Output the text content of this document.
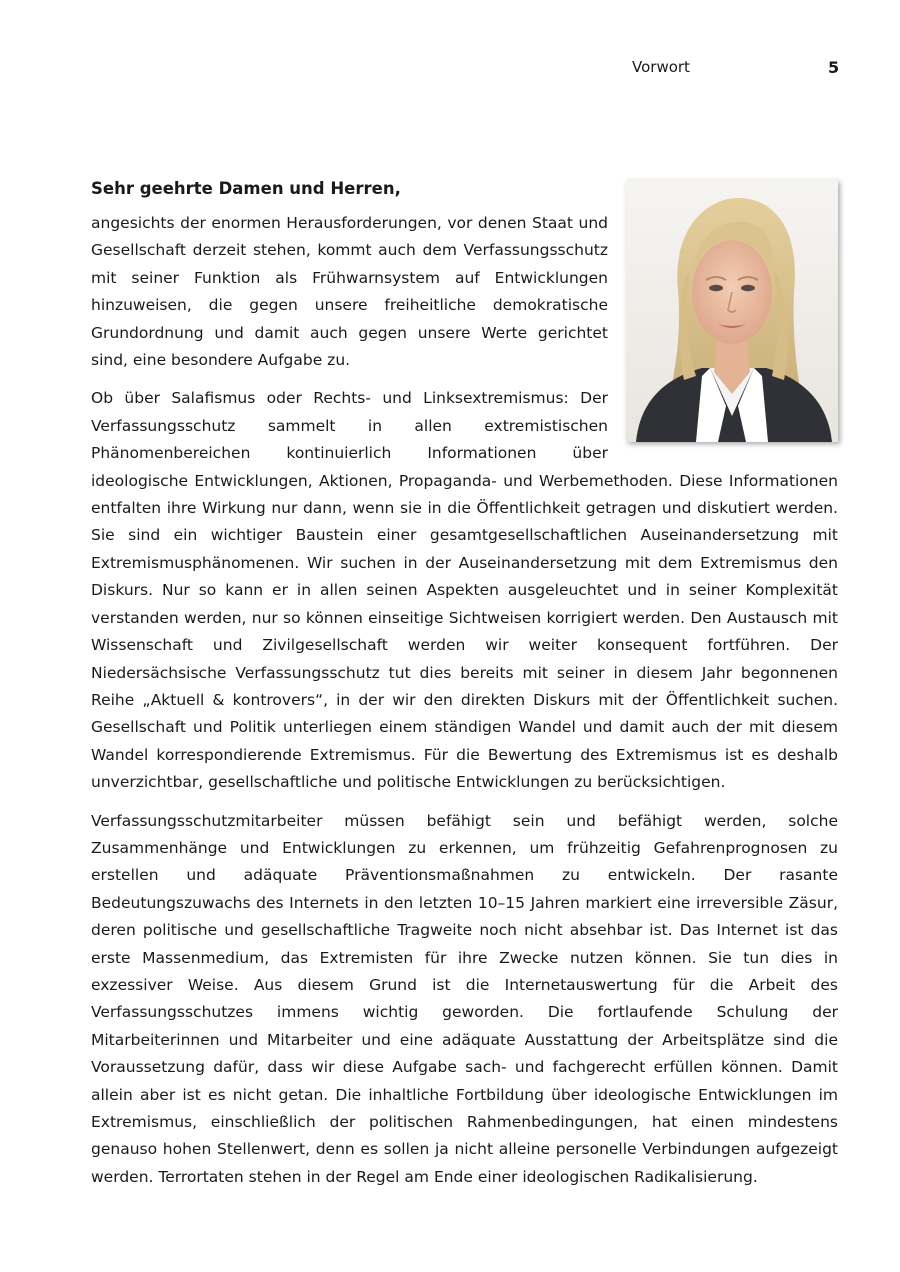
Vorwort	5
Sehr geehrte Damen und Herren,

angesichts der enormen Herausforderungen, vor denen Staat und Gesellschaft derzeit stehen, kommt auch dem Verfassungsschutz mit seiner Funktion als Frühwarnsystem auf Entwicklungen hinzuweisen, die gegen unsere freiheitliche demokratische Grundordnung und damit auch gegen unsere Werte gerichtet sind, eine besondere Aufgabe zu.

Ob über Salafismus oder Rechts- und Linksextremismus: Der Verfassungsschutz sammelt in allen extremistischen Phänomenbereichen kontinuierlich Informationen über ideologische Entwicklungen, Aktionen, Propaganda- und Werbemethoden. Diese Informationen entfalten ihre Wirkung nur dann, wenn sie in die Öffentlichkeit getragen und diskutiert werden. Sie sind ein wichtiger Baustein einer gesamtgesellschaftlichen Auseinandersetzung mit Extremismusphänomenen. Wir suchen in der Auseinandersetzung mit dem Extremismus den Diskurs. Nur so kann er in allen seinen Aspekten ausgeleuchtet und in seiner Komplexität verstanden werden, nur so können einseitige Sichtweisen korrigiert werden. Den Austausch mit Wissenschaft und Zivilgesellschaft werden wir weiter konsequent fortführen. Der Niedersächsische Verfassungsschutz tut dies bereits mit seiner in diesem Jahr begonnenen Reihe „Aktuell & kontrovers“, in der wir den direkten Diskurs mit der Öffentlichkeit suchen. Gesellschaft und Politik unterliegen einem ständigen Wandel und damit auch der mit diesem Wandel korrespondierende Extremismus. Für die Bewertung des Extremismus ist es deshalb unverzichtbar, gesellschaftliche und politische Entwicklungen zu berücksichtigen.

Verfassungsschutzmitarbeiter müssen befähigt sein und befähigt werden, solche Zusammenhänge und Entwicklungen zu erkennen, um frühzeitig Gefahrenprognosen zu erstellen und adäquate Präventionsmaßnahmen zu entwickeln. Der rasante Bedeutungszuwachs des Internets in den letzten 10–15 Jahren markiert eine irreversible Zäsur, deren politische und gesellschaftliche Tragweite noch nicht absehbar ist. Das Internet ist das erste Massenmedium, das Extremisten für ihre Zwecke nutzen können. Sie tun dies in exzessiver Weise. Aus diesem Grund ist die Internetauswertung für die Arbeit des Verfassungsschutzes immens wichtig geworden. Die fortlaufende Schulung der Mitarbeiterinnen und Mitarbeiter und eine adäquate Ausstattung der Arbeitsplätze sind die Voraussetzung dafür, dass wir diese Aufgabe sach- und fachgerecht erfüllen können. Damit allein aber ist es nicht getan. Die inhaltliche Fortbildung über ideologische Entwicklungen im Extremismus, einschließlich der politischen Rahmenbedingungen, hat einen mindestens genauso hohen Stellenwert, denn es sollen ja nicht alleine personelle Verbindungen aufgezeigt werden. Terrortaten stehen in der Regel am Ende einer ideologischen Radikalisierung.
